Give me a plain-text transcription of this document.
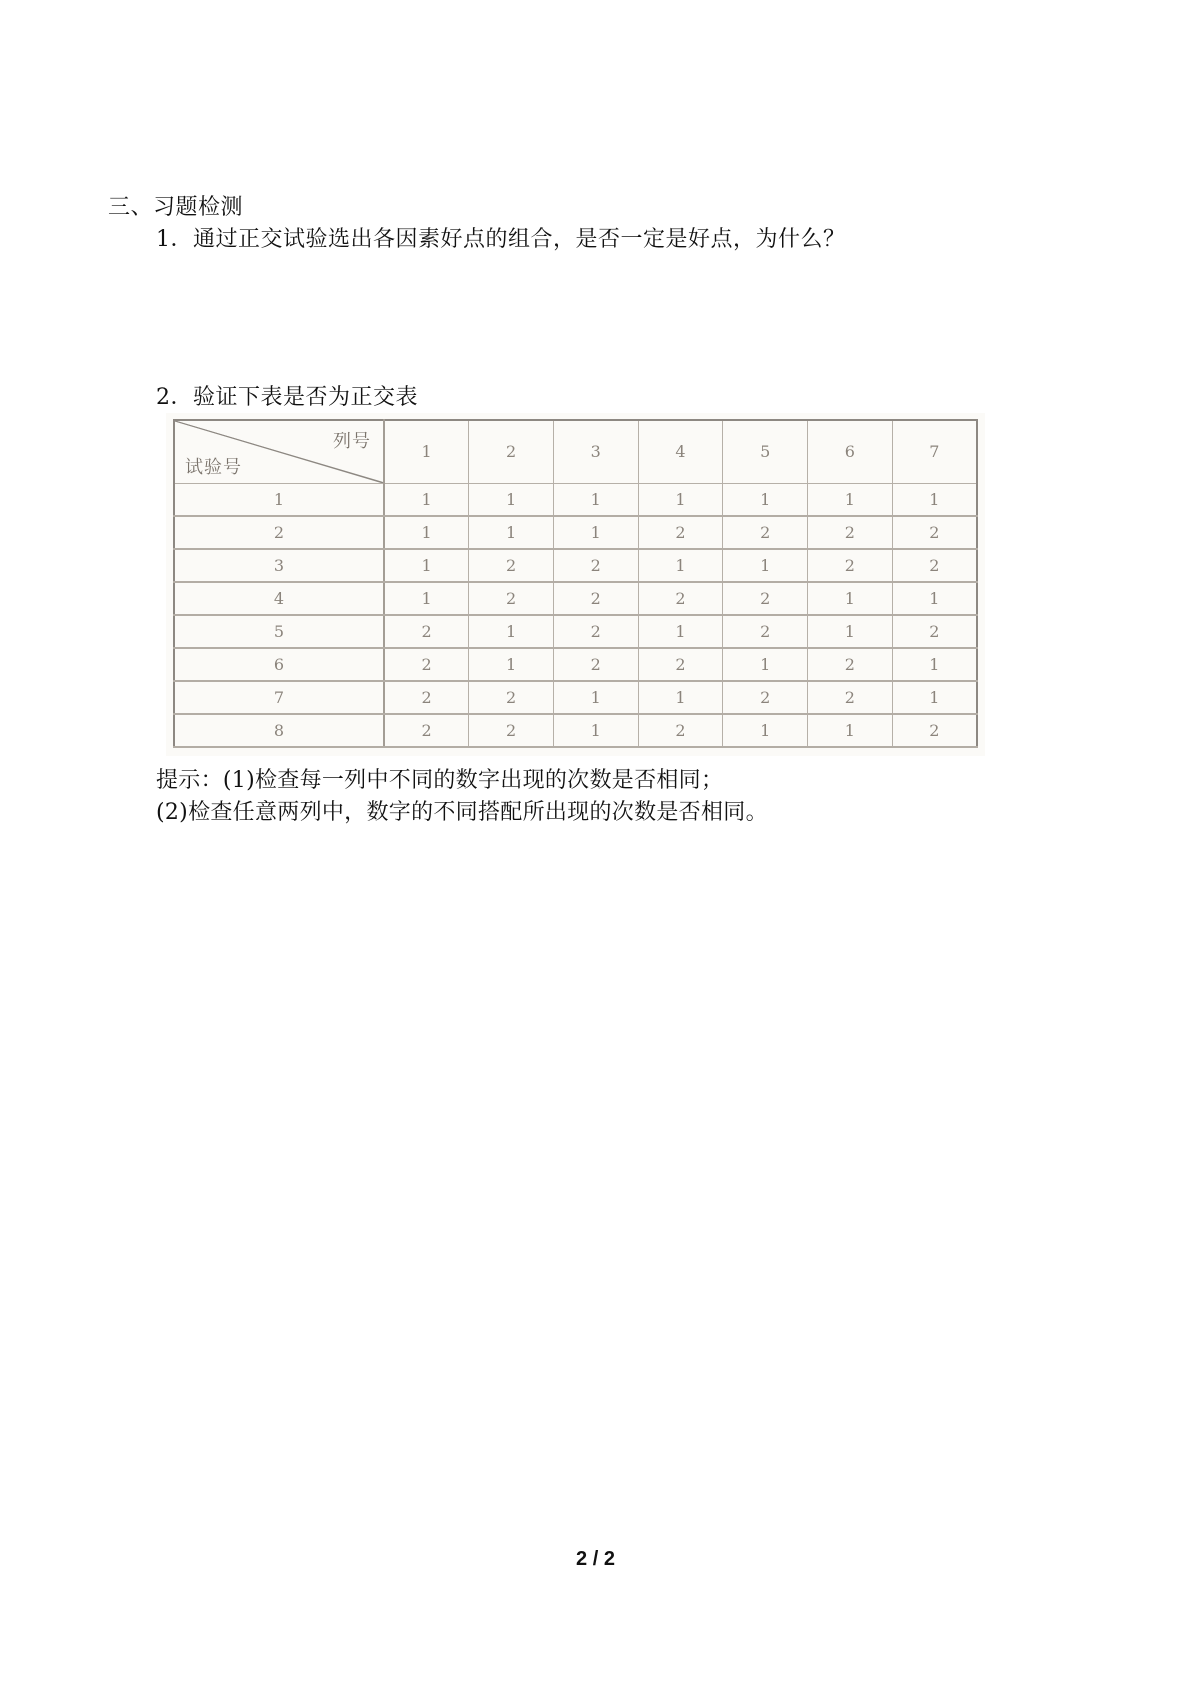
三、习题检测
1．通过正交试验选出各因素好点的组合，是否一定是好点，为什么？
2．验证下表是否为正交表
列号
试验号	1	2	3	4	5	6	7
1	1	1	1	1	1	1	1
2	1	1	1	2	2	2	2
3	1	2	2	1	1	2	2
4	1	2	2	2	2	1	1
5	2	1	2	1	2	1	2
6	2	1	2	2	1	2	1
7	2	2	1	1	2	2	1
8	2	2	1	2	1	1	2
提示：(1)检查每一列中不同的数字出现的次数是否相同；
(2)检查任意两列中，数字的不同搭配所出现的次数是否相同。
2 / 2
